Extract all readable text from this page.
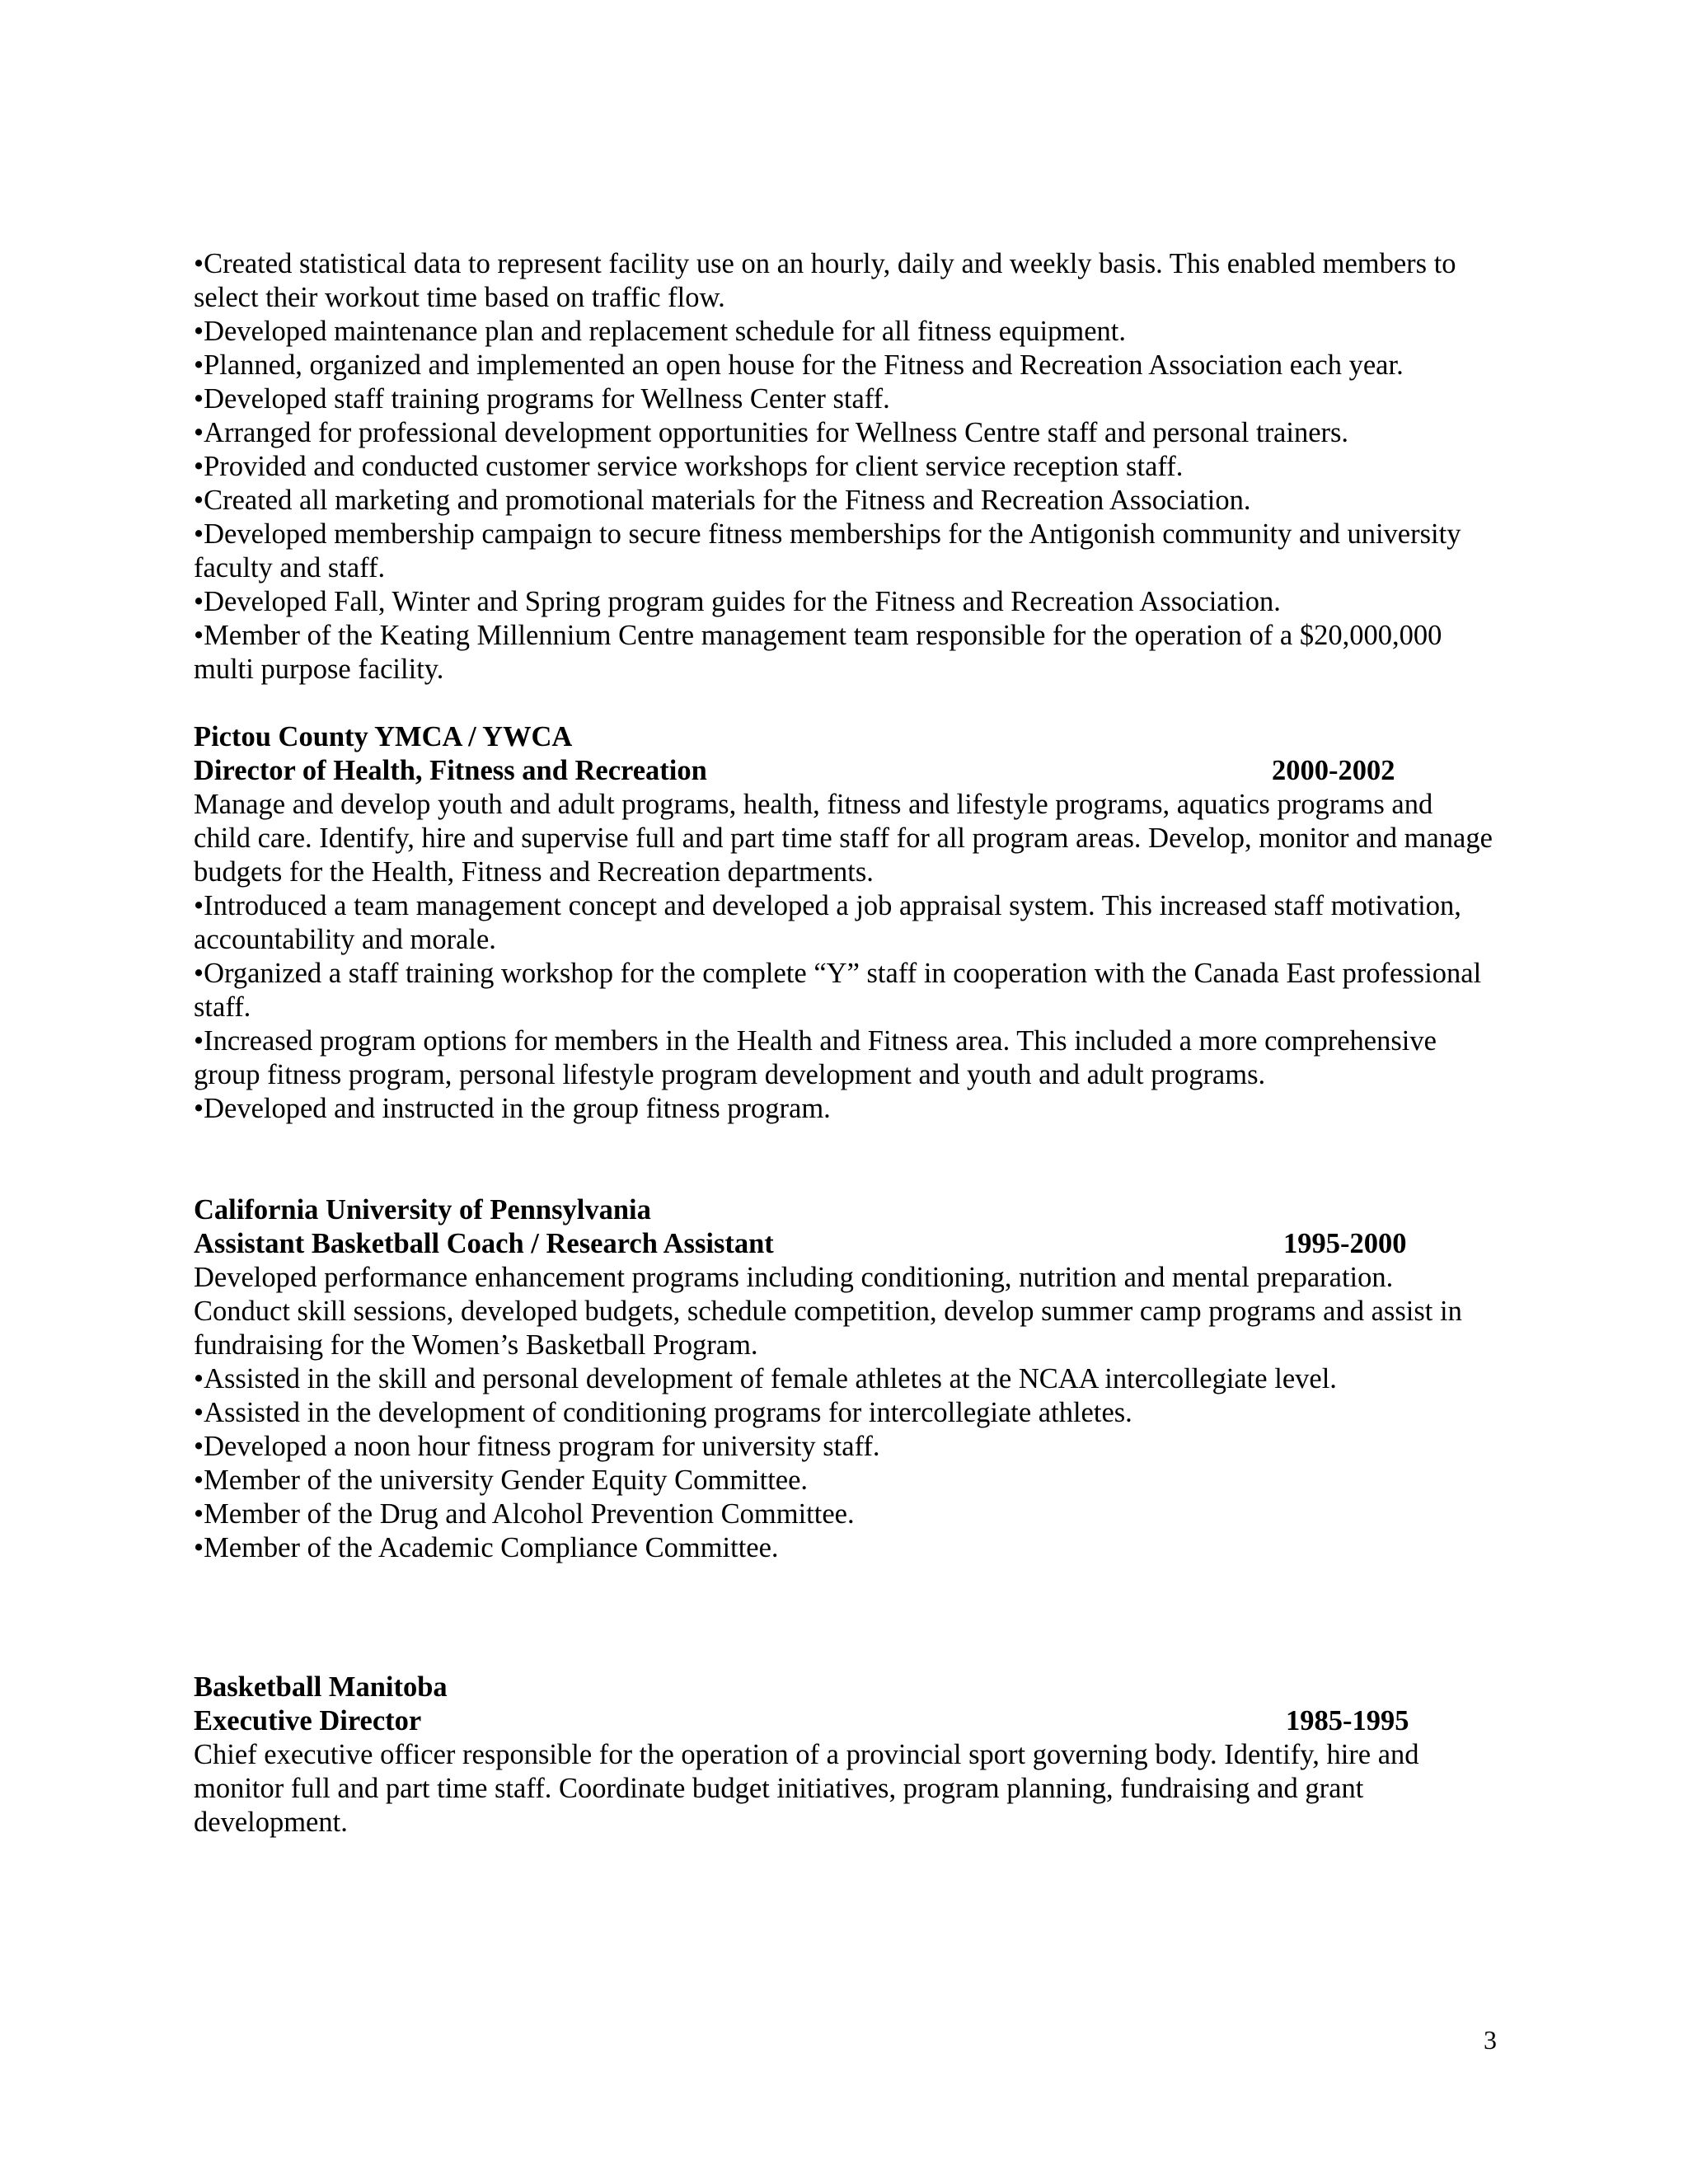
•Created statistical data to represent facility use on an hourly, daily and weekly basis. This enabled members to select their workout time based on traffic flow.

•Developed maintenance plan and replacement schedule for all fitness equipment.

•Planned, organized and implemented an open house for the Fitness and Recreation Association each year.

•Developed staff training programs for Wellness Center staff.

•Arranged for professional development opportunities for Wellness Centre staff and personal trainers.

•Provided and conducted customer service workshops for client service reception staff.

•Created all marketing and promotional materials for the Fitness and Recreation Association.

•Developed membership campaign to secure fitness memberships for the Antigonish community and university faculty and staff.

•Developed Fall, Winter and Spring program guides for the Fitness and Recreation Association.

•Member of the Keating Millennium Centre management team responsible for the operation of a $20,000,000 multi purpose facility.

Pictou County YMCA / YWCA

Director of Health, Fitness and Recreation	2000-2002

Manage and develop youth and adult programs, health, fitness and lifestyle programs, aquatics programs and child care. Identify, hire and supervise full and part time staff for all program areas. Develop, monitor and manage budgets for the Health, Fitness and Recreation departments.

•Introduced a team management concept and developed a job appraisal system. This increased staff motivation, accountability and morale.

•Organized a staff training workshop for the complete “Y” staff in cooperation with the Canada East professional staff.

•Increased program options for members in the Health and Fitness area. This included a more comprehensive group fitness program, personal lifestyle program development and youth and adult programs.

•Developed and instructed in the group fitness program.

California University of Pennsylvania

Assistant Basketball Coach / Research Assistant	1995-2000

Developed performance enhancement programs including conditioning, nutrition and mental preparation. Conduct skill sessions, developed budgets, schedule competition, develop summer camp programs and assist in fundraising for the Women’s Basketball Program.

•Assisted in the skill and personal development of female athletes at the NCAA intercollegiate level.

•Assisted in the development of conditioning programs for intercollegiate athletes.

•Developed a noon hour fitness program for university staff.

•Member of the university Gender Equity Committee.

•Member of the Drug and Alcohol Prevention Committee.

•Member of the Academic Compliance Committee.

Basketball Manitoba

Executive Director	1985-1995

Chief executive officer responsible for the operation of a provincial sport governing body. Identify, hire and monitor full and part time staff. Coordinate budget initiatives, program planning, fundraising and grant development.

3
